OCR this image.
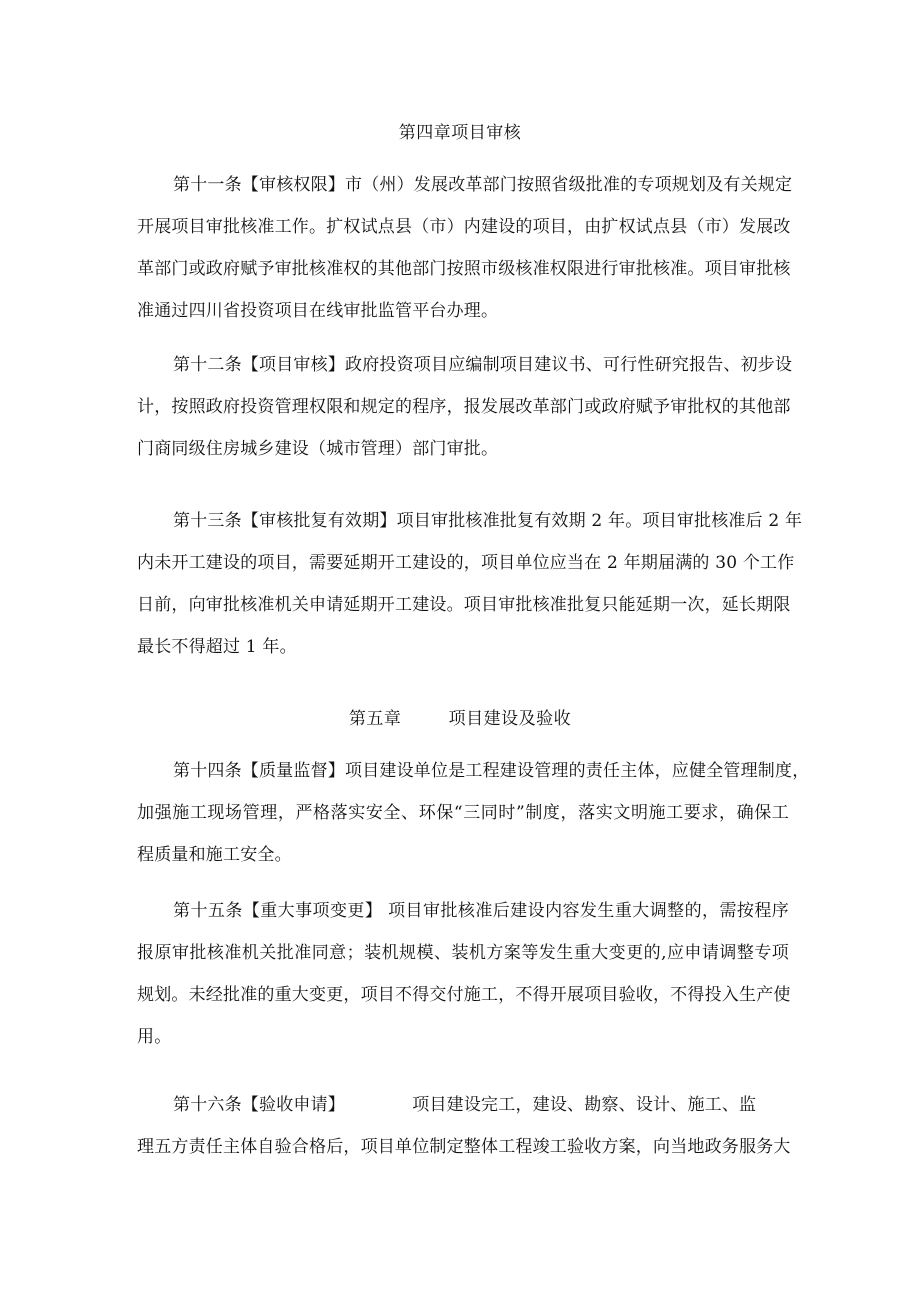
第四章项目审核
第十一条【审核权限】市（州）发展改革部门按照省级批准的专项规划及有关规定
开展项目审批核准工作。扩权试点县（市）内建设的项目，由扩权试点县（市）发展改
革部门或政府赋予审批核准权的其他部门按照市级核准权限进行审批核准。项目审批核
准通过四川省投资项目在线审批监管平台办理。
第十二条【项目审核】政府投资项目应编制项目建议书、可行性研究报告、初步设
计，按照政府投资管理权限和规定的程序，报发展改革部门或政府赋予审批权的其他部
门商同级住房城乡建设（城市管理）部门审批。
第十三条【审核批复有效期】项目审批核准批复有效期 2 年。项目审批核准后 2 年
内未开工建设的项目，需要延期开工建设的，项目单位应当在 2 年期届满的 30 个工作
日前，向审批核准机关申请延期开工建设。项目审批核准批复只能延期一次，延长期限
最长不得超过 1 年。
第五章        项目建设及验收
第十四条【质量监督】项目建设单位是工程建设管理的责任主体，应健全管理制度，
加强施工现场管理，严格落实安全、环保“三同时”制度，落实文明施工要求，确保工
程质量和施工安全。
第十五条【重大事项变更】 项目审批核准后建设内容发生重大调整的，需按程序
报原审批核准机关批准同意；装机规模、装机方案等发生重大变更的,应申请调整专项
规划。未经批准的重大变更，项目不得交付施工，不得开展项目验收，不得投入生产使
用。
第十六条【验收申请】            项目建设完工，建设、勘察、设计、施工、监
理五方责任主体自验合格后，项目单位制定整体工程竣工验收方案，向当地政务服务大
